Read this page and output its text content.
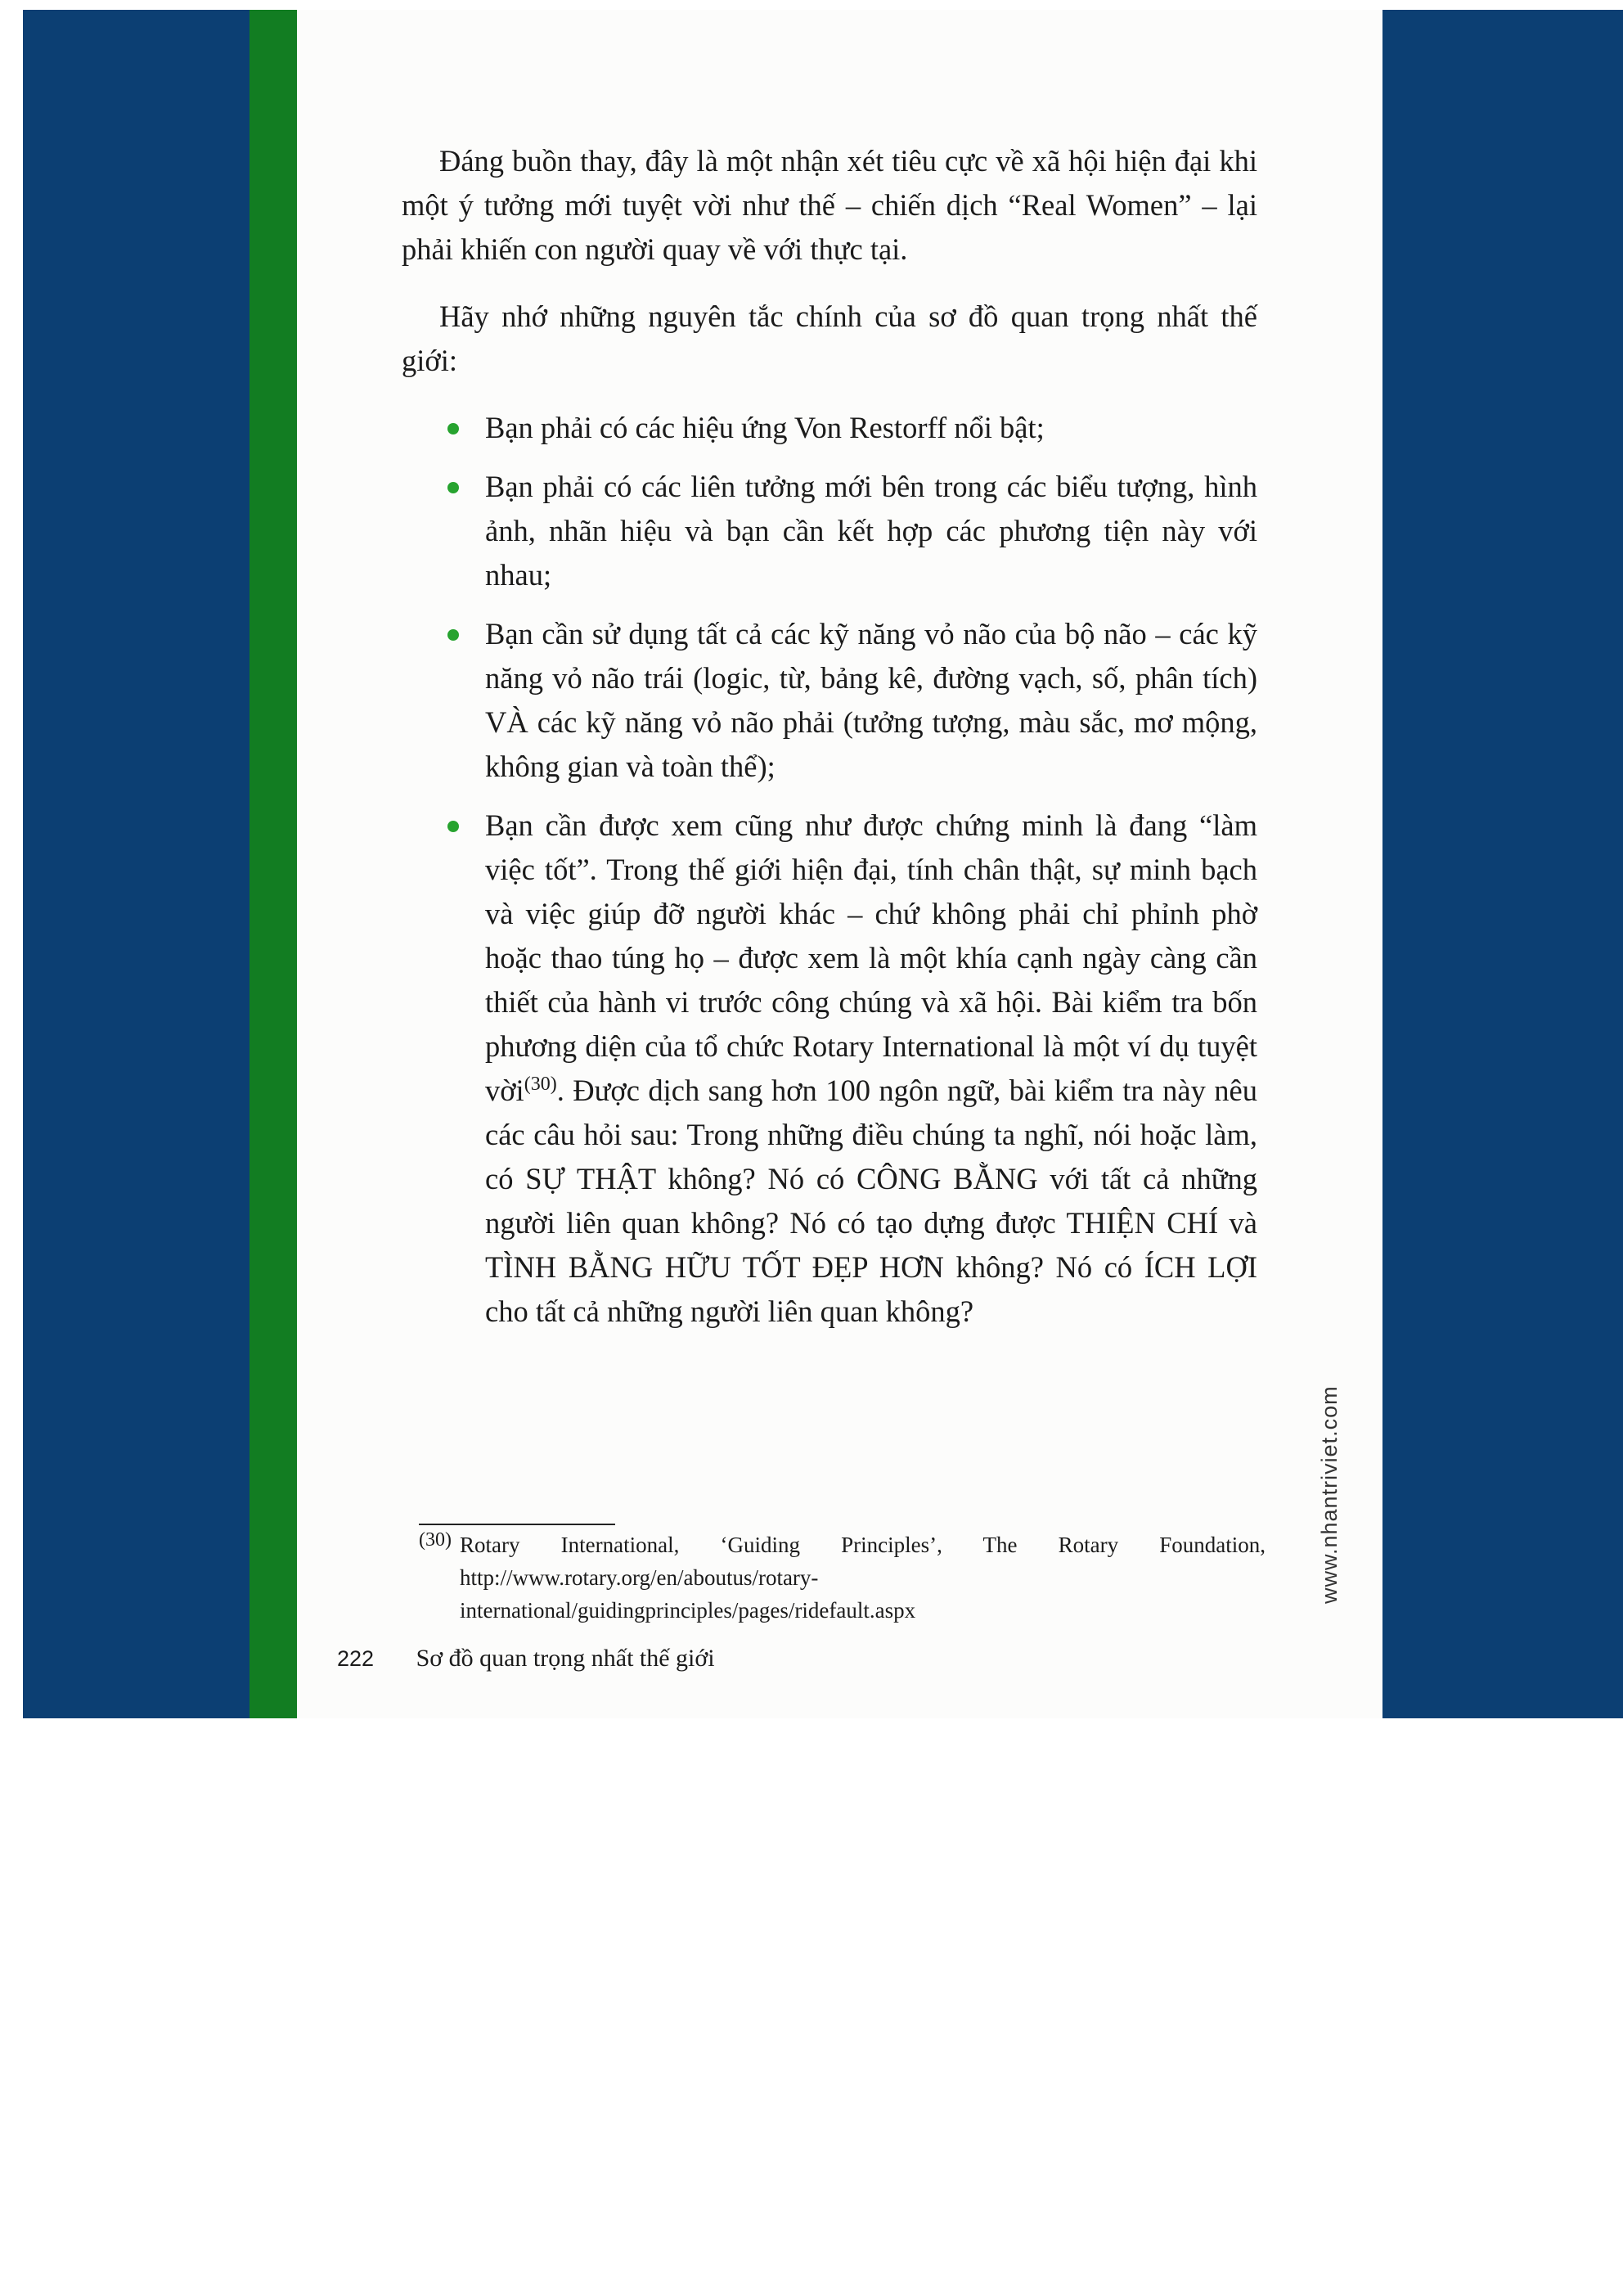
Đáng buồn thay, đây là một nhận xét tiêu cực về xã hội hiện đại khi một ý tưởng mới tuyệt vời như thế – chiến dịch “Real Women” – lại phải khiến con người quay về với thực tại.

Hãy nhớ những nguyên tắc chính của sơ đồ quan trọng nhất thế giới:

Bạn phải có các hiệu ứng Von Restorff nổi bật;
Bạn phải có các liên tưởng mới bên trong các biểu tượng, hình ảnh, nhãn hiệu và bạn cần kết hợp các phương tiện này với nhau;
Bạn cần sử dụng tất cả các kỹ năng vỏ não của bộ não – các kỹ năng vỏ não trái (logic, từ, bảng kê, đường vạch, số, phân tích) VÀ các kỹ năng vỏ não phải (tưởng tượng, màu sắc, mơ mộng, không gian và toàn thể);
Bạn cần được xem cũng như được chứng minh là đang “làm việc tốt”. Trong thế giới hiện đại, tính chân thật, sự minh bạch và việc giúp đỡ người khác – chứ không phải chỉ phỉnh phờ hoặc thao túng họ – được xem là một khía cạnh ngày càng cần thiết của hành vi trước công chúng và xã hội. Bài kiểm tra bốn phương diện của tổ chức Rotary International là một ví dụ tuyệt vời$^{(30)}$. Được dịch sang hơn 100 ngôn ngữ, bài kiểm tra này nêu các câu hỏi sau: Trong những điều chúng ta nghĩ, nói hoặc làm, có SỰ THẬT không? Nó có CÔNG BẰNG với tất cả những người liên quan không? Nó có tạo dựng được THIỆN CHÍ và TÌNH BẰNG HỮU TỐT ĐẸP HƠN không? Nó có ÍCH LỢI cho tất cả những người liên quan không?
(30) Rotary International, ‘Guiding Principles’, The Rotary Foundation, http://www.rotary.org/en/aboutus/rotary-international/guidingprinciples/pages/ridefault.aspx
222 Sơ đồ quan trọng nhất thế giới
www.nhantriviet.com
